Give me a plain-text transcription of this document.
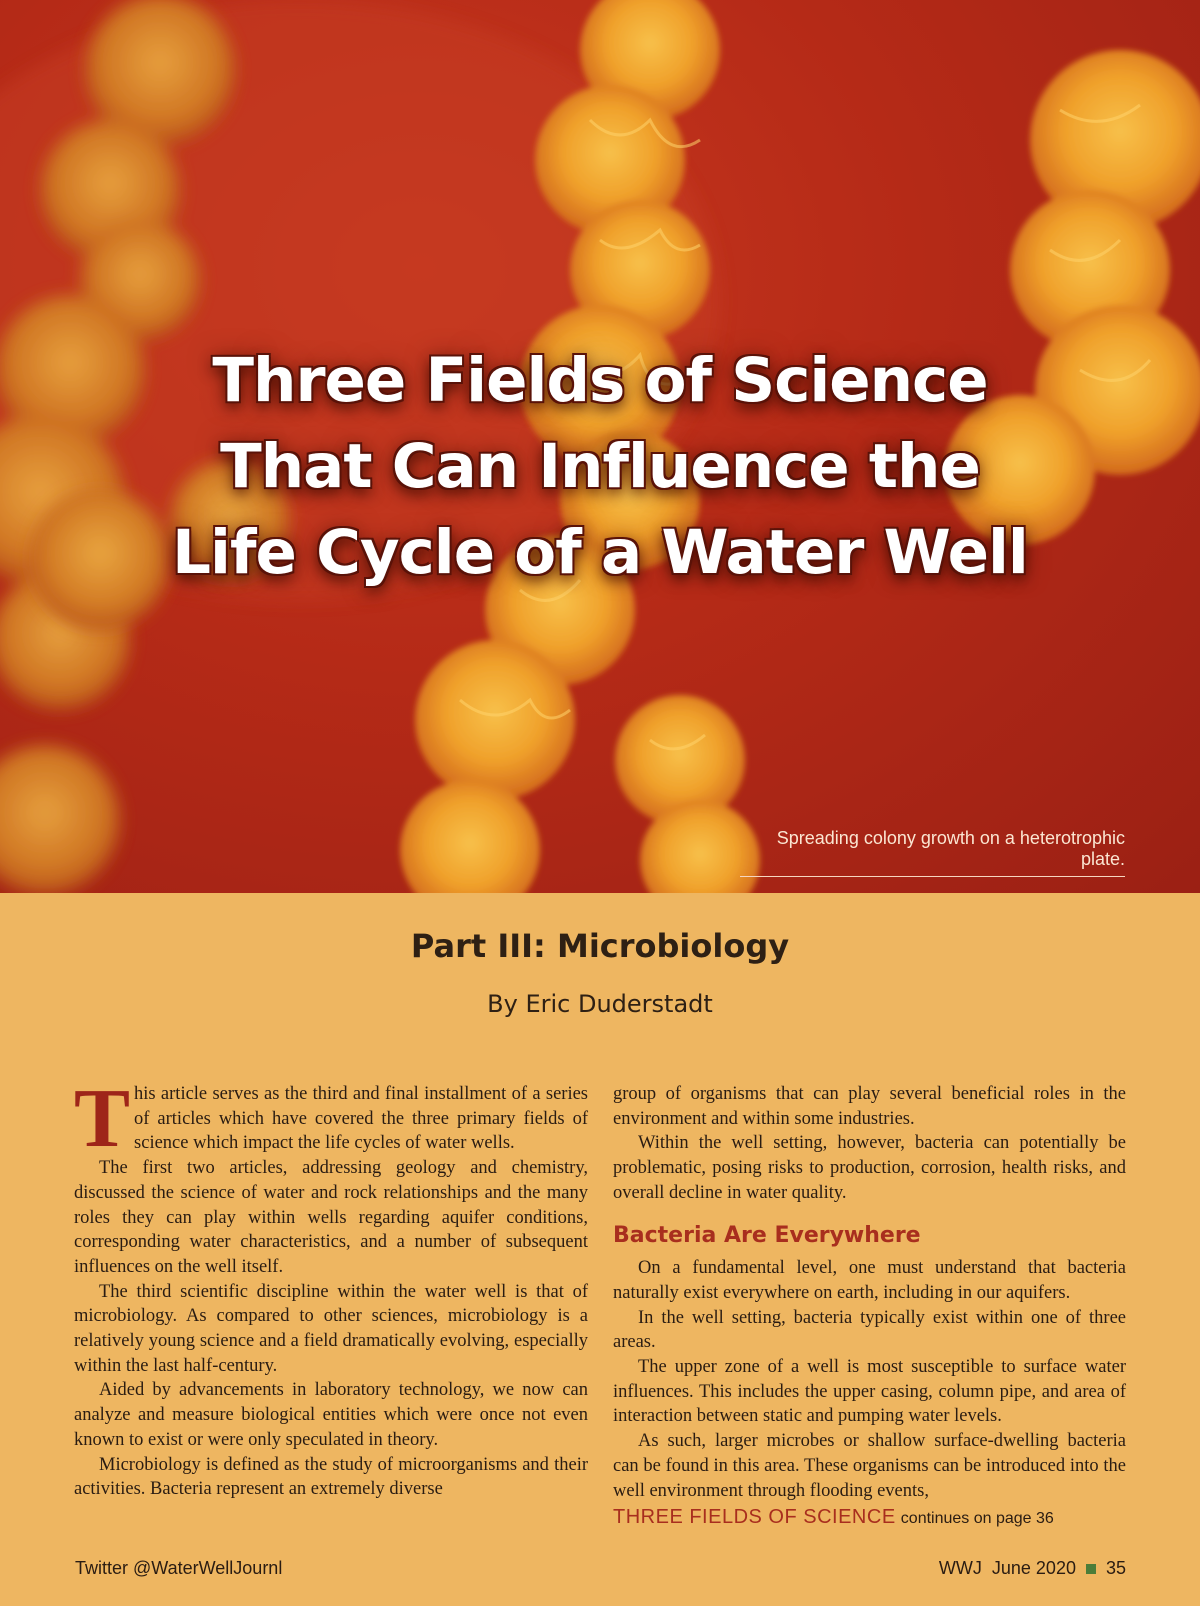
Three Fields of Science
That Can Influence the
Life Cycle of a Water Well
Spreading colony growth on a heterotrophic plate.
Part III: Microbiology
By Eric Duderstadt

This article serves as the third and final installment of a series of articles which have covered the three primary fields of science which impact the life cycles of water wells.

The first two articles, addressing geology and chemistry, discussed the science of water and rock relationships and the many roles they can play within wells regarding aquifer conditions, corresponding water characteristics, and a number of subsequent influences on the well itself.

The third scientific discipline within the water well is that of microbiology. As compared to other sciences, microbiology is a relatively young science and a field dramatically evolving, especially within the last half-century.

Aided by advancements in laboratory technology, we now can analyze and measure biological entities which were once not even known to exist or were only speculated in theory.

Microbiology is defined as the study of microorganisms and their activities. Bacteria represent an extremely diverse

group of organisms that can play several beneficial roles in the environment and within some industries.

Within the well setting, however, bacteria can potentially be problematic, posing risks to production, corrosion, health risks, and overall decline in water quality.

Bacteria Are Everywhere

On a fundamental level, one must understand that bacteria naturally exist everywhere on earth, including in our aquifers.

In the well setting, bacteria typically exist within one of three areas.

The upper zone of a well is most susceptible to surface water influences. This includes the upper casing, column pipe, and area of interaction between static and pumping water levels.

As such, larger microbes or shallow surface-dwelling bacteria can be found in this area. These organisms can be introduced into the well environment through flooding events,

THREE FIELDS OF SCIENCE continues on page 36
Twitter @WaterWellJournl	WWJ June 2020 35
